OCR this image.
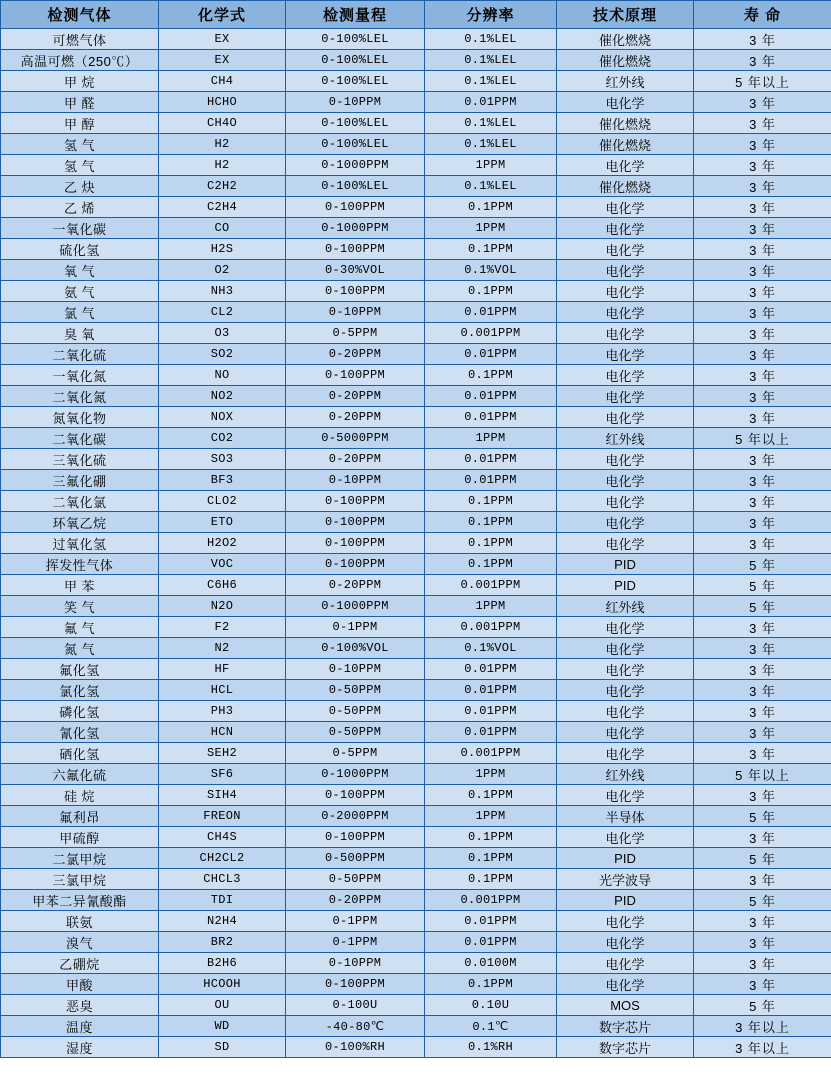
检测气体	化学式	检测量程	分辨率	技术原理	寿 命
可燃气体	EX	0-100%LEL	0.1%LEL	催化燃烧	3 年
高温可燃（250℃）	EX	0-100%LEL	0.1%LEL	催化燃烧	3 年
甲 烷	CH4	0-100%LEL	0.1%LEL	红外线	5 年以上
甲 醛	HCHO	0-10PPM	0.01PPM	电化学	3 年
甲 醇	CH4O	0-100%LEL	0.1%LEL	催化燃烧	3 年
氢 气	H2	0-100%LEL	0.1%LEL	催化燃烧	3 年
氢 气	H2	0-1000PPM	1PPM	电化学	3 年
乙 炔	C2H2	0-100%LEL	0.1%LEL	催化燃烧	3 年
乙 烯	C2H4	0-100PPM	0.1PPM	电化学	3 年
一氧化碳	CO	0-1000PPM	1PPM	电化学	3 年
硫化氢	H2S	0-100PPM	0.1PPM	电化学	3 年
氧 气	O2	0-30%VOL	0.1%VOL	电化学	3 年
氨 气	NH3	0-100PPM	0.1PPM	电化学	3 年
氯 气	CL2	0-10PPM	0.01PPM	电化学	3 年
臭 氧	O3	0-5PPM	0.001PPM	电化学	3 年
二氧化硫	SO2	0-20PPM	0.01PPM	电化学	3 年
一氧化氮	NO	0-100PPM	0.1PPM	电化学	3 年
二氧化氮	NO2	0-20PPM	0.01PPM	电化学	3 年
氮氧化物	NOX	0-20PPM	0.01PPM	电化学	3 年
二氧化碳	CO2	0-5000PPM	1PPM	红外线	5 年以上
三氧化硫	SO3	0-20PPM	0.01PPM	电化学	3 年
三氟化硼	BF3	0-10PPM	0.01PPM	电化学	3 年
二氧化氯	CLO2	0-100PPM	0.1PPM	电化学	3 年
环氧乙烷	ETO	0-100PPM	0.1PPM	电化学	3 年
过氧化氢	H2O2	0-100PPM	0.1PPM	电化学	3 年
挥发性气体	VOC	0-100PPM	0.1PPM	PID	5 年
甲 苯	C6H6	0-20PPM	0.001PPM	PID	5 年
笑 气	N2O	0-1000PPM	1PPM	红外线	5 年
氟 气	F2	0-1PPM	0.001PPM	电化学	3 年
氮 气	N2	0-100%VOL	0.1%VOL	电化学	3 年
氟化氢	HF	0-10PPM	0.01PPM	电化学	3 年
氯化氢	HCL	0-50PPM	0.01PPM	电化学	3 年
磷化氢	PH3	0-50PPM	0.01PPM	电化学	3 年
氰化氢	HCN	0-50PPM	0.01PPM	电化学	3 年
硒化氢	SEH2	0-5PPM	0.001PPM	电化学	3 年
六氟化硫	SF6	0-1000PPM	1PPM	红外线	5 年以上
硅 烷	SIH4	0-100PPM	0.1PPM	电化学	3 年
氟利昂	FREON	0-2000PPM	1PPM	半导体	5 年
甲硫醇	CH4S	0-100PPM	0.1PPM	电化学	3 年
二氯甲烷	CH2CL2	0-500PPM	0.1PPM	PID	5 年
三氯甲烷	CHCL3	0-50PPM	0.1PPM	光学波导	3 年
甲苯二异氰酸酯	TDI	0-20PPM	0.001PPM	PID	5 年
联氨	N2H4	0-1PPM	0.01PPM	电化学	3 年
溴气	BR2	0-1PPM	0.01PPM	电化学	3 年
乙硼烷	B2H6	0-10PPM	0.0100M	电化学	3 年
甲酸	HCOOH	0-100PPM	0.1PPM	电化学	3 年
恶臭	OU	0-100U	0.10U	MOS	5 年
温度	WD	-40-80℃	0.1℃	数字芯片	3 年以上
湿度	SD	0-100%RH	0.1%RH	数字芯片	3 年以上
